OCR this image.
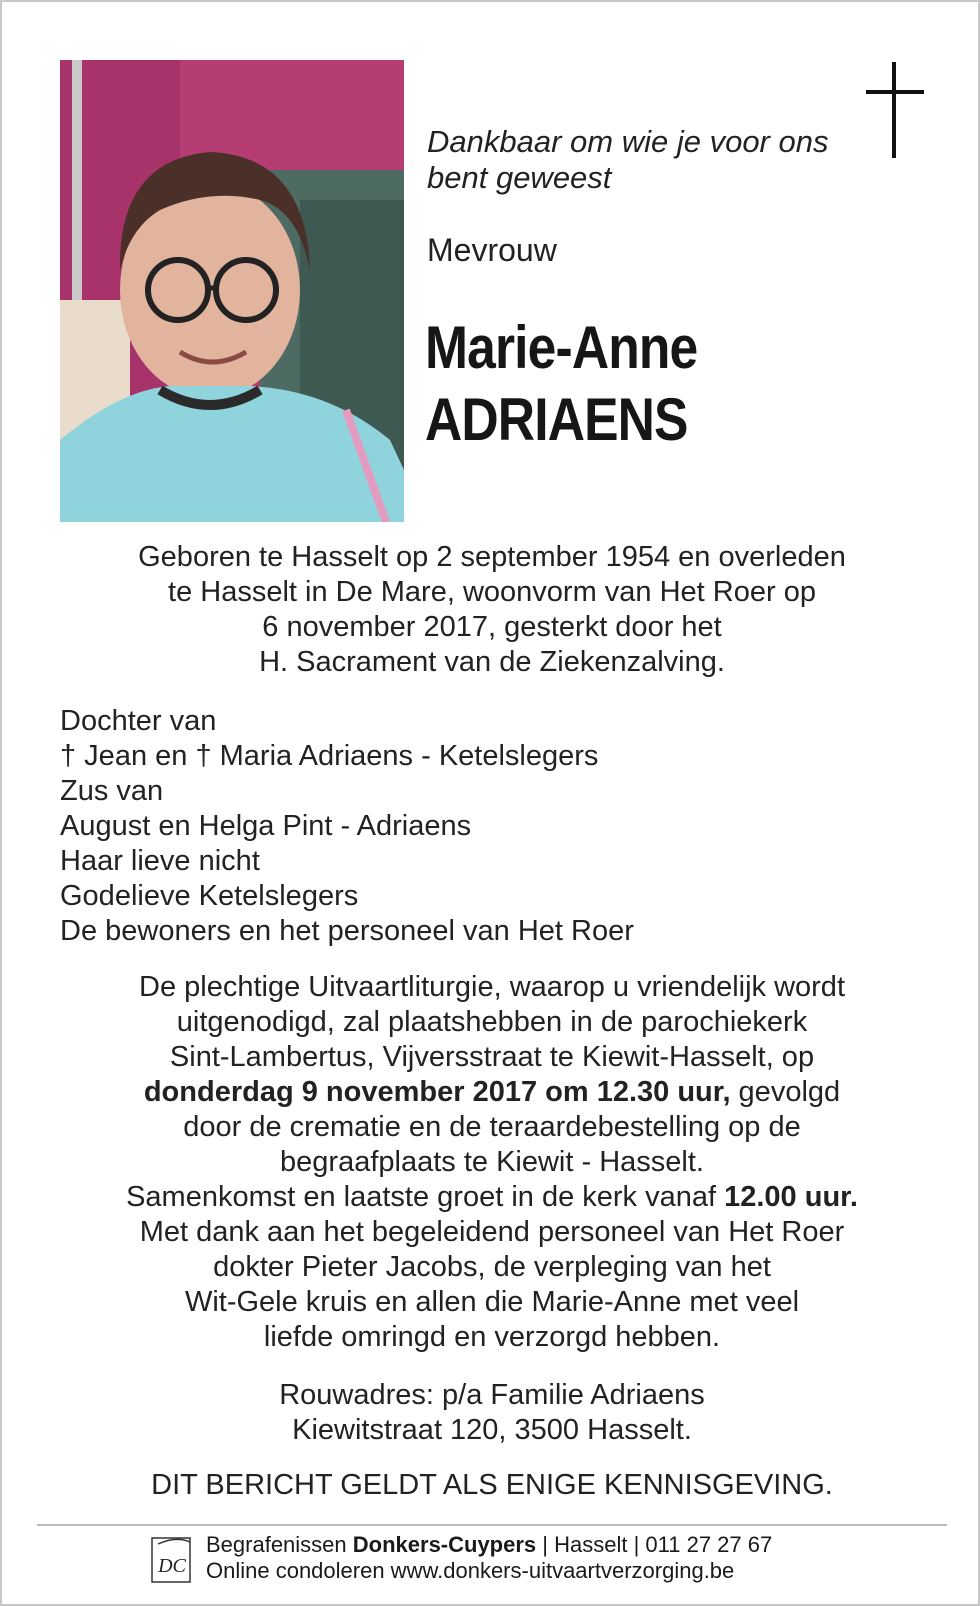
Dankbaar om wie je voor ons
bent geweest
Mevrouw
Marie-Anne
ADRIAENS
Geboren te Hasselt op 2 september 1954 en overleden
te Hasselt in De Mare, woonvorm van Het Roer op
6 november 2017, gesterkt door het
H. Sacrament van de Ziekenzalving.
Dochter van
† Jean en † Maria Adriaens - Ketelslegers
Zus van
August en Helga Pint - Adriaens
Haar lieve nicht
Godelieve Ketelslegers
De bewoners en het personeel van Het Roer
De plechtige Uitvaartliturgie, waarop u vriendelijk wordt
uitgenodigd, zal plaatshebben in de parochiekerk
Sint-Lambertus, Vijversstraat te Kiewit-Hasselt, op
donderdag 9 november 2017 om 12.30 uur, gevolgd
door de crematie en de teraardebestelling op de
begraafplaats te Kiewit - Hasselt.
Samenkomst en laatste groet in de kerk vanaf 12.00 uur.
Met dank aan het begeleidend personeel van Het Roer
dokter Pieter Jacobs, de verpleging van het
Wit-Gele kruis en allen die Marie-Anne met veel
liefde omringd en verzorgd hebben.
Rouwadres: p/a Familie Adriaens
Kiewitstraat 120, 3500 Hasselt.
DIT BERICHT GELDT ALS ENIGE KENNISGEVING.
DC
Begrafenissen Donkers-Cuypers | Hasselt | 011 27 27 67
Online condoleren www.donkers-uitvaartverzorging.be
